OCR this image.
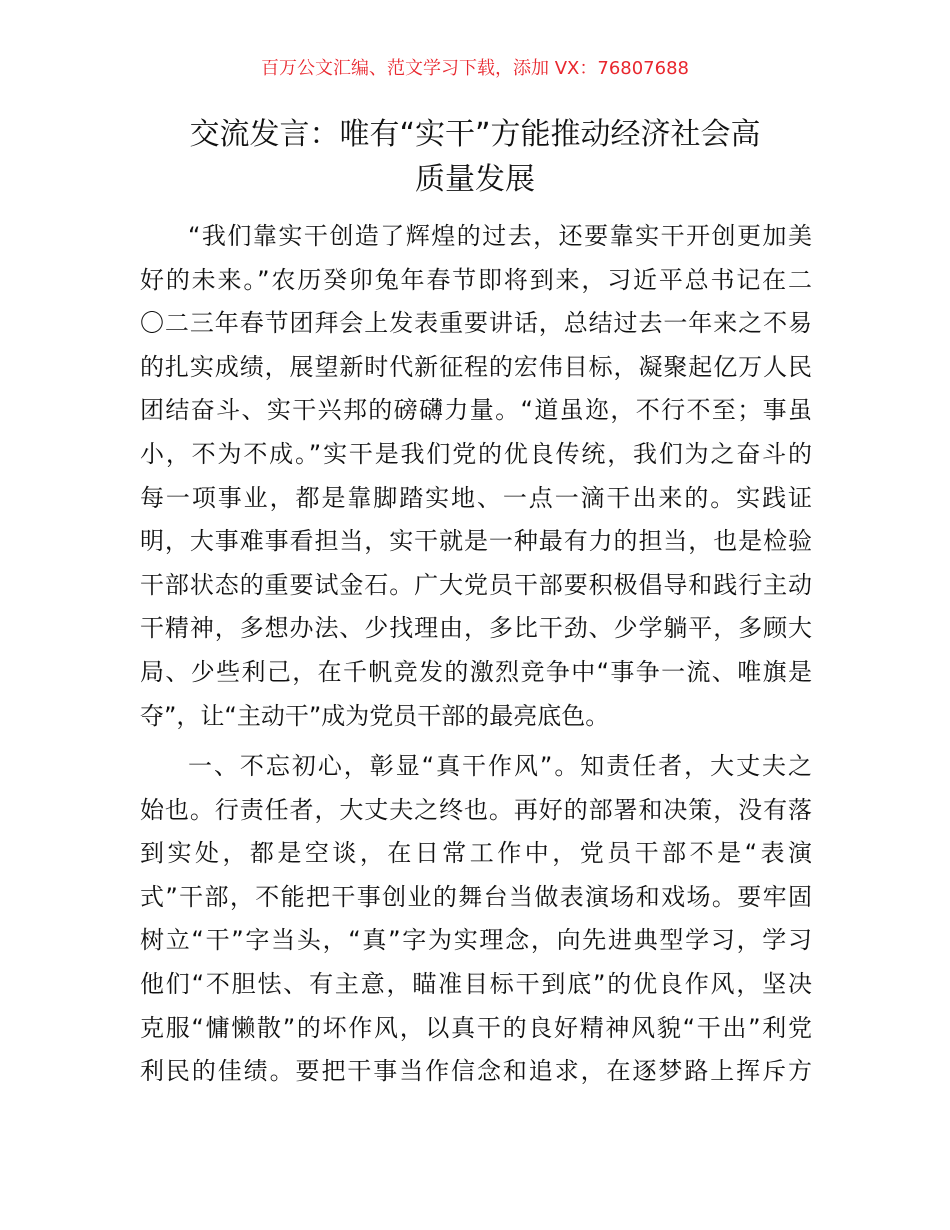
百万公文汇编、范文学习下载，添加 VX：76807688
交流发言：唯有“实干”方能推动经济社会高
质量发展
“我们靠实干创造了辉煌的过去，还要靠实干开创更加美
好的未来。”农历癸卯兔年春节即将到来，习近平总书记在二
〇二三年春节团拜会上发表重要讲话，总结过去一年来之不易
的扎实成绩，展望新时代新征程的宏伟目标，凝聚起亿万人民
团结奋斗、实干兴邦的磅礴力量。“道虽迩，不行不至；事虽
小，不为不成。”实干是我们党的优良传统，我们为之奋斗的
每一项事业，都是靠脚踏实地、一点一滴干出来的。实践证
明，大事难事看担当，实干就是一种最有力的担当，也是检验
干部状态的重要试金石。广大党员干部要积极倡导和践行主动
干精神，多想办法、少找理由，多比干劲、少学躺平，多顾大
局、少些利己，在千帆竞发的激烈竞争中“事争一流、唯旗是
夺”，让“主动干”成为党员干部的最亮底色。
一、不忘初心，彰显“真干作风”。知责任者，大丈夫之
始也。行责任者，大丈夫之终也。再好的部署和决策，没有落
到实处，都是空谈，在日常工作中，党员干部不是“表演
式”干部，不能把干事创业的舞台当做表演场和戏场。要牢固
树立“干”字当头，“真”字为实理念，向先进典型学习，学习
他们“不胆怯、有主意，瞄准目标干到底”的优良作风，坚决
克服“慵懒散”的坏作风，以真干的良好精神风貌“干出”利党
利民的佳绩。要把干事当作信念和追求，在逐梦路上挥斥方
